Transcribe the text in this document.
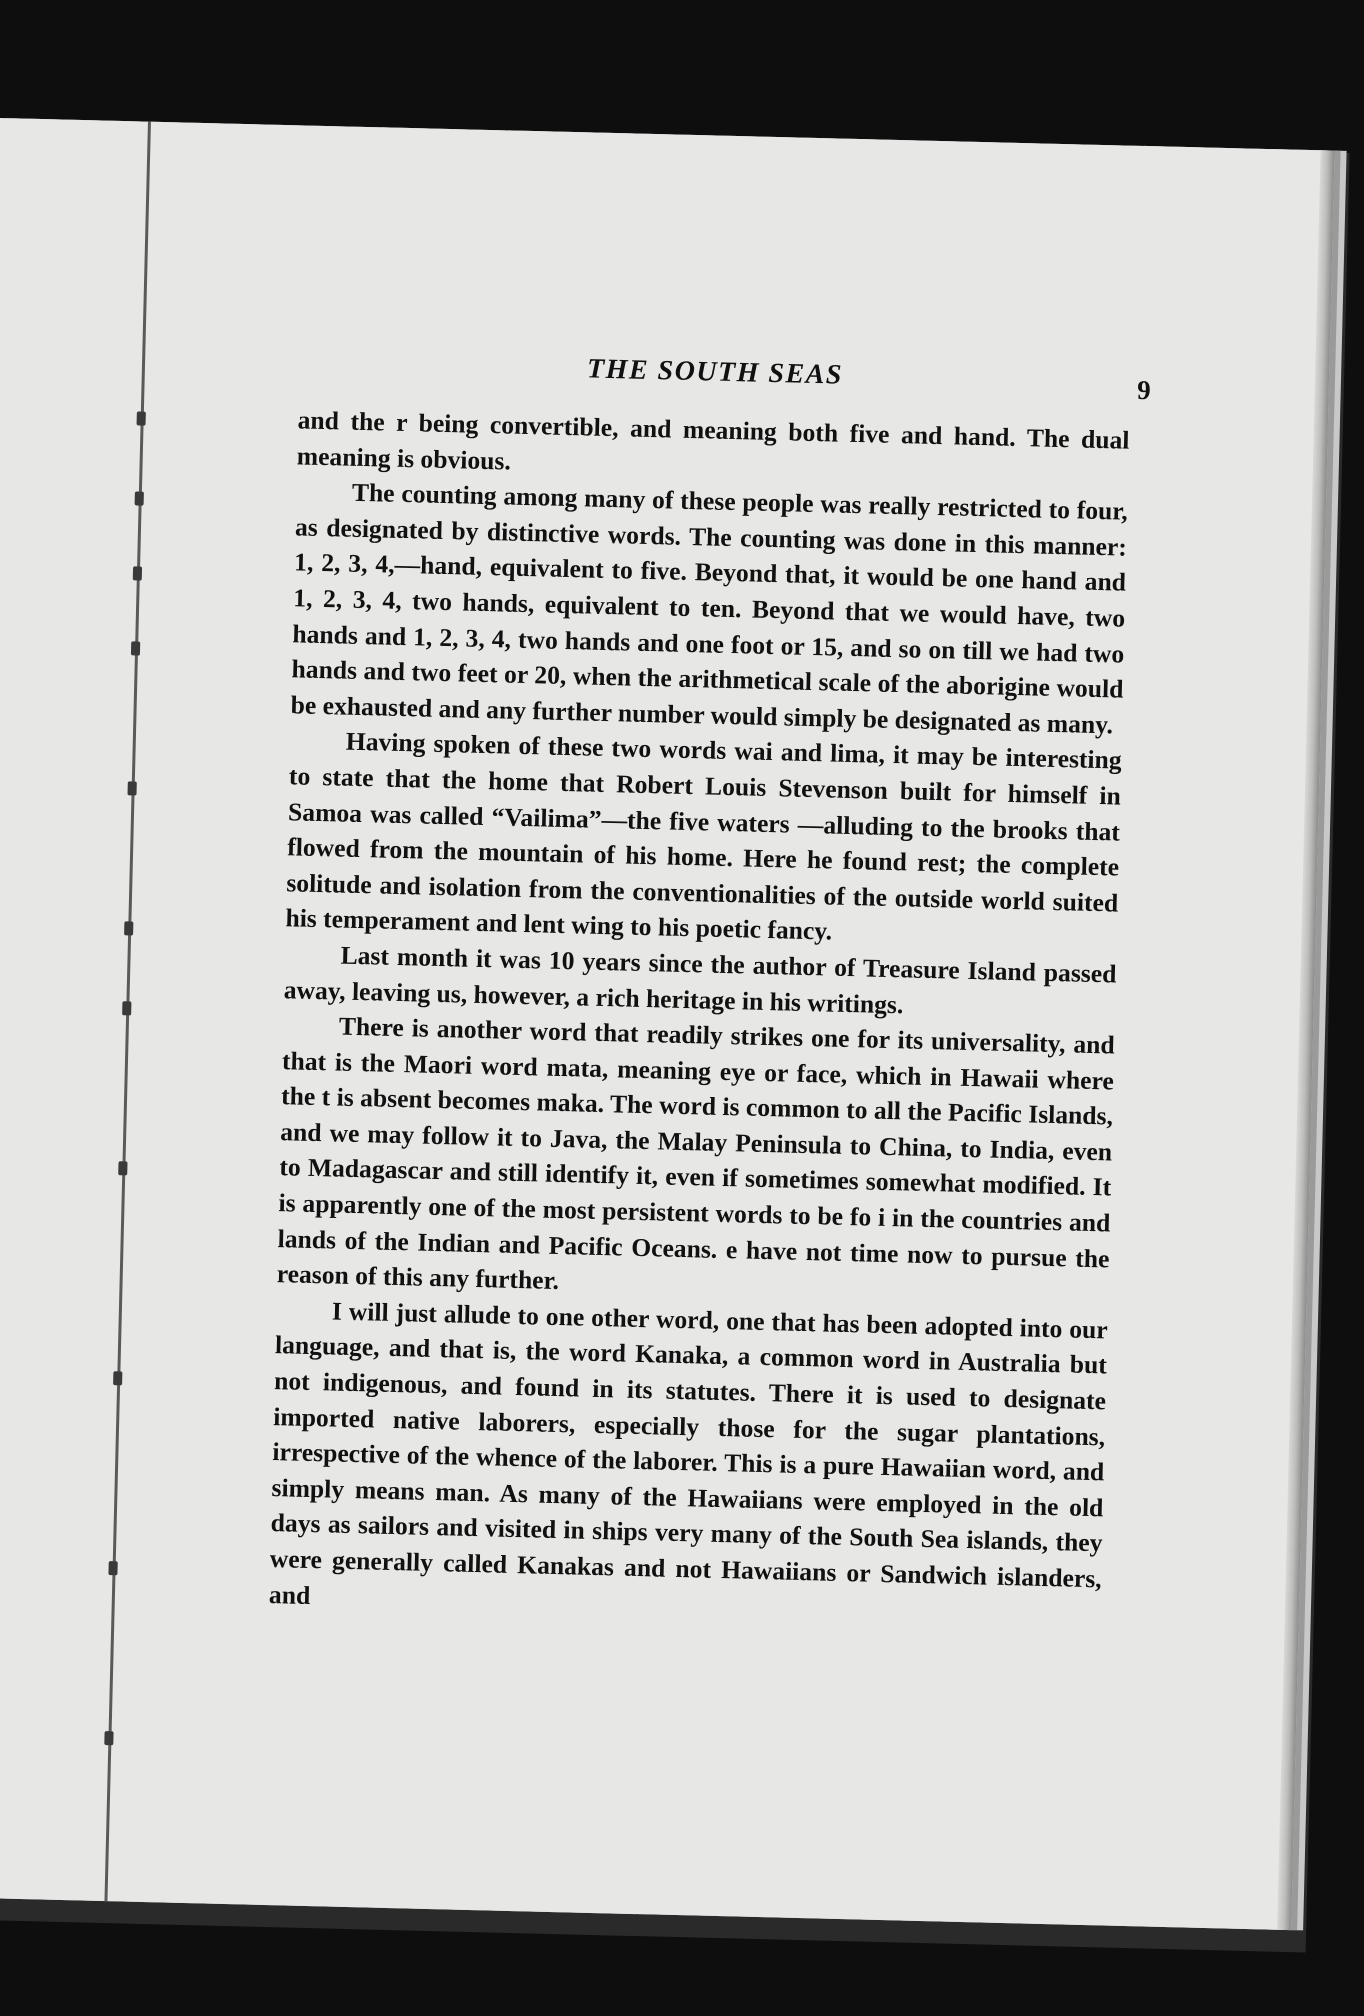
THE SOUTH SEAS	9

and the r being convertible, and meaning both five and hand. The dual meaning is obvious.

The counting among many of these people was really restricted to four, as designated by distinctive words. The counting was done in this manner: 1, 2, 3, 4,—hand, equivalent to five. Beyond that, it would be one hand and 1, 2, 3, 4, two hands, equivalent to ten. Beyond that we would have, two hands and 1, 2, 3, 4, two hands and one foot or 15, and so on till we had two hands and two feet or 20, when the arithmetical scale of the aborigine would be exhausted and any further number would simply be designated as many.

Having spoken of these two words wai and lima, it may be interesting to state that the home that Robert Louis Stevenson built for himself in Samoa was called “Vailima”—the five waters —alluding to the brooks that flowed from the mountain of his home. Here he found rest; the complete solitude and isolation from the conventionalities of the outside world suited his temperament and lent wing to his poetic fancy.

Last month it was 10 years since the author of Treasure Island passed away, leaving us, however, a rich heritage in his writings.

There is another word that readily strikes one for its universality, and that is the Maori word mata, meaning eye or face, which in Hawaii where the t is absent becomes maka. The word is common to all the Pacific Islands, and we may follow it to Java, the Malay Peninsula to China, to India, even to Madagascar and still identify it, even if sometimes somewhat modified. It is apparently one of the most persistent words to be fo i in the countries and lands of the Indian and Pacific Oceans. e have not time now to pursue the reason of this any further.

I will just allude to one other word, one that has been adopted into our language, and that is, the word Kanaka, a common word in Australia but not indigenous, and found in its statutes. There it is used to designate imported native laborers, especially those for the sugar plantations, irrespective of the whence of the laborer. This is a pure Hawaiian word, and simply means man. As many of the Hawaiians were employed in the old days as sailors and visited in ships very many of the South Sea islands, they were generally called Kanakas and not Hawaiians or Sandwich islanders, and
